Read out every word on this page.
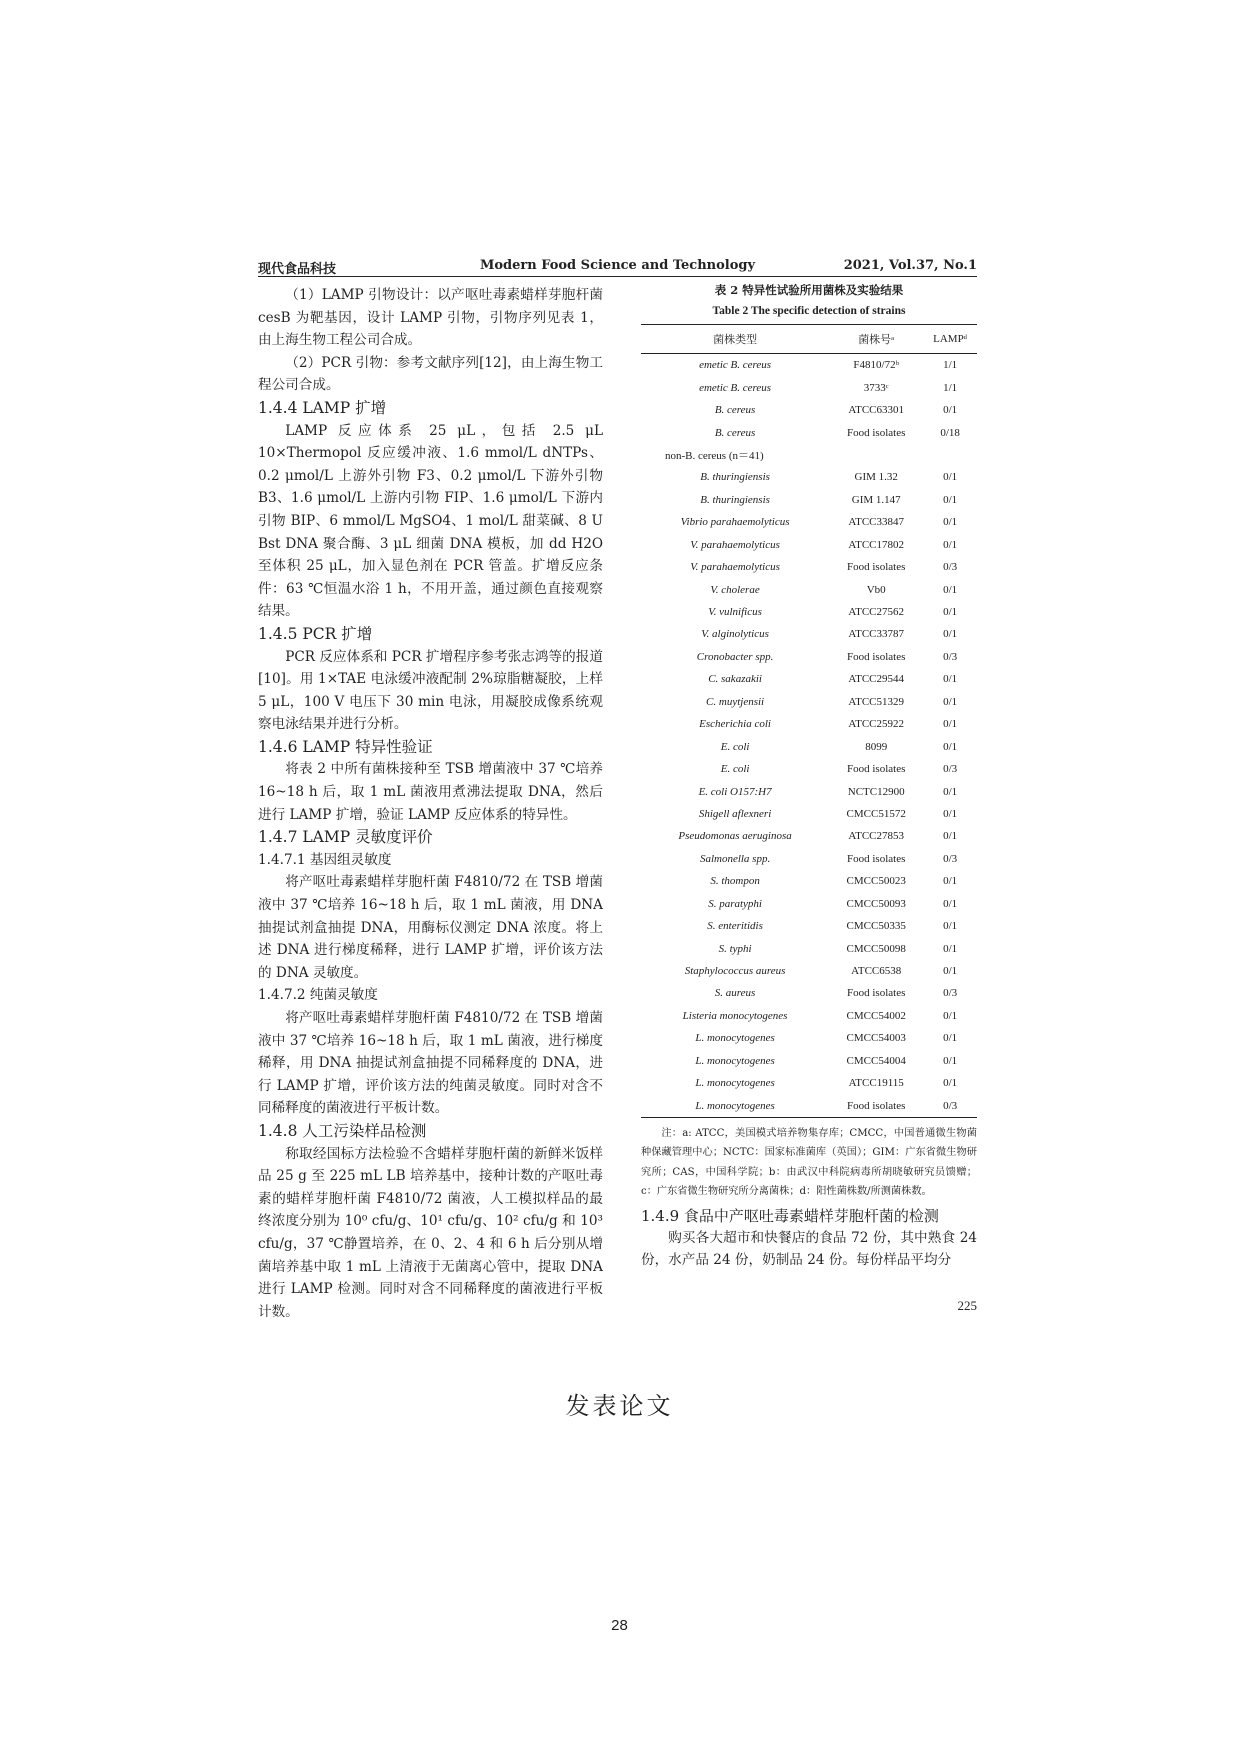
现代食品科技	Modern Food Science and Technology	2021, Vol.37, No.1

（1）LAMP 引物设计：以产呕吐毒素蜡样芽胞杆菌 cesB 为靶基因，设计 LAMP 引物，引物序列见表 1，由上海生物工程公司合成。

（2）PCR 引物：参考文献序列[12]，由上海生物工程公司合成。

1.4.4 LAMP 扩增

LAMP 反应体系 25 μL，包括 2.5 μL 10×Thermopol 反应缓冲液、1.6 mmol/L dNTPs、0.2 μmol/L 上游外引物 F3、0.2 μmol/L 下游外引物 B3、1.6 μmol/L 上游内引物 FIP、1.6 μmol/L 下游内引物 BIP、6 mmol/L MgSO4、1 mol/L 甜菜碱、8 U Bst DNA 聚合酶、3 μL 细菌 DNA 模板，加 dd H2O 至体积 25 μL，加入显色剂在 PCR 管盖。扩增反应条件：63 ℃恒温水浴 1 h，不用开盖，通过颜色直接观察结果。

1.4.5 PCR 扩增

PCR 反应体系和 PCR 扩增程序参考张志鸿等的报道[10]。用 1×TAE 电泳缓冲液配制 2%琼脂糖凝胶，上样 5 μL，100 V 电压下 30 min 电泳，用凝胶成像系统观察电泳结果并进行分析。

1.4.6 LAMP 特异性验证

将表 2 中所有菌株接种至 TSB 增菌液中 37 ℃培养 16~18 h 后，取 1 mL 菌液用煮沸法提取 DNA，然后进行 LAMP 扩增，验证 LAMP 反应体系的特异性。

1.4.7 LAMP 灵敏度评价
1.4.7.1 基因组灵敏度

将产呕吐毒素蜡样芽胞杆菌 F4810/72 在 TSB 增菌液中 37 ℃培养 16~18 h 后，取 1 mL 菌液，用 DNA 抽提试剂盒抽提 DNA，用酶标仪测定 DNA 浓度。将上述 DNA 进行梯度稀释，进行 LAMP 扩增，评价该方法的 DNA 灵敏度。

1.4.7.2 纯菌灵敏度

将产呕吐毒素蜡样芽胞杆菌 F4810/72 在 TSB 增菌液中 37 ℃培养 16~18 h 后，取 1 mL 菌液，进行梯度稀释，用 DNA 抽提试剂盒抽提不同稀释度的 DNA，进行 LAMP 扩增，评价该方法的纯菌灵敏度。同时对含不同稀释度的菌液进行平板计数。

1.4.8 人工污染样品检测

称取经国标方法检验不含蜡样芽胞杆菌的新鲜米饭样品 25 g 至 225 mL LB 培养基中，接种计数的产呕吐毒素的蜡样芽胞杆菌 F4810/72 菌液，人工模拟样品的最终浓度分别为 10⁰ cfu/g、10¹ cfu/g、10² cfu/g 和 10³ cfu/g，37 ℃静置培养，在 0、2、4 和 6 h 后分别从增菌培养基中取 1 mL 上清液于无菌离心管中，提取 DNA 进行 LAMP 检测。同时对含不同稀释度的菌液进行平板计数。

表 2 特异性试验所用菌株及实验结果
Table 2 The specific detection of strains
菌株类型	菌株号ᵃ	LAMPᵈ
emetic B. cereus	F4810/72ᵇ	1/1
emetic B. cereus	3733ᶜ	1/1
B. cereus	ATCC63301	0/1
B. cereus	Food isolates	0/18
non-B. cereus (n＝41)		
B. thuringiensis	GIM 1.32	0/1
B. thuringiensis	GIM 1.147	0/1
Vibrio parahaemolyticus	ATCC33847	0/1
V. parahaemolyticus	ATCC17802	0/1
V. parahaemolyticus	Food isolates	0/3
V. cholerae	Vb0	0/1
V. vulnificus	ATCC27562	0/1
V. alginolyticus	ATCC33787	0/1
Cronobacter spp.	Food isolates	0/3
C. sakazakii	ATCC29544	0/1
C. muytjensii	ATCC51329	0/1
Escherichia coli	ATCC25922	0/1
E. coli	8099	0/1
E. coli	Food isolates	0/3
E. coli O157:H7	NCTC12900	0/1
Shigell aflexneri	CMCC51572	0/1
Pseudomonas aeruginosa	ATCC27853	0/1
Salmonella spp.	Food isolates	0/3
S. thompon	CMCC50023	0/1
S. paratyphi	CMCC50093	0/1
S. enteritidis	CMCC50335	0/1
S. typhi	CMCC50098	0/1
Staphylococcus aureus	ATCC6538	0/1
S. aureus	Food isolates	0/3
Listeria monocytogenes	CMCC54002	0/1
L. monocytogenes	CMCC54003	0/1
L. monocytogenes	CMCC54004	0/1
L. monocytogenes	ATCC19115	0/1
L. monocytogenes	Food isolates	0/3
注：a: ATCC，美国模式培养物集存库；CMCC，中国普通微生物菌种保藏管理中心；NCTC：国家标准菌库（英国）；GIM：广东省微生物研究所；CAS，中国科学院；b：由武汉中科院病毒所胡晓敏研究员馈赠；c：广东省微生物研究所分离菌株；d：阳性菌株数/所测菌株数。
1.4.9 食品中产呕吐毒素蜡样芽胞杆菌的检测

购买各大超市和快餐店的食品 72 份，其中熟食 24 份，水产品 24 份，奶制品 24 份。每份样品平均分

225
发表论文
28
